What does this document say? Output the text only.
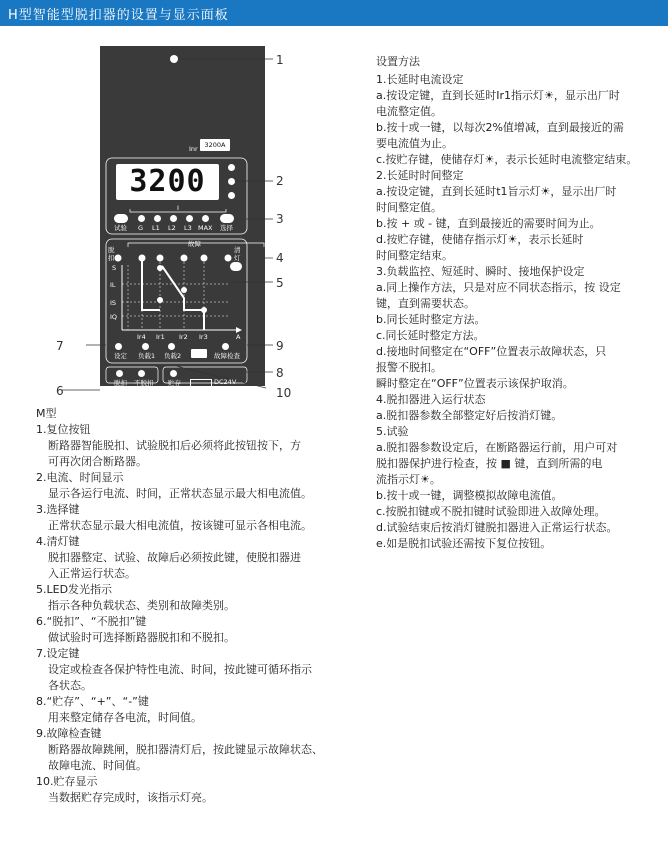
H型智能型脱扣器的设置与显示面板
Inr	3200A
3200
I
试验 G L1 L2 L3 MAX 选择
故障
脱扣
清灯
S
IL
IS
IQ
Ir4 Ir1 Ir2 Ir3	A
设定 负载1 负载2	故障检查
脱扣 不脱扣
试验
贮存	DC24V
调整
1
2
3
4
5
7	9
8
6	10
M型
1.复位按钮
断路器智能脱扣、试验脱扣后必须将此按钮按下，方
可再次闭合断路器。
2.电流、时间显示
显示各运行电流、时间，正常状态显示最大相电流值。
3.选择键
正常状态显示最大相电流值，按该键可显示各相电流。
4.清灯键
脱扣器整定、试验、故障后必须按此键，使脱扣器进
入正常运行状态。
5.LED发光指示
指示各种负载状态、类别和故障类别。
6.“脱扣”、“不脱扣”键
做试验时可选择断路器脱扣和不脱扣。
7.设定键
设定或检查各保护特性电流、时间，按此键可循环指示
各状态。
8.“贮存”、“+”、“-”键
用来整定储存各电流，时间值。
9.故障检查键
断路器故障跳闸，脱扣器清灯后，按此键显示故障状态、
故障电流、时间值。
10.贮存显示
当数据贮存完成时，该指示灯亮。
设置方法
1.长延时电流设定
a.按设定键，直到长延时Ir1指示灯☀，显示出厂时
电流整定值。
b.按十或一键，以每次2%值增减，直到最接近的需
要电流值为止。
c.按贮存键，使储存灯☀，表示长延时电流整定结束。
2.长延时时间整定
a.按设定键，直到长延时t1旨示灯☀，显示出厂时
时间整定值。
b.按 + 或 - 键，直到最接近的需要时间为止。
d.按贮存键，使储存指示灯☀，表示长延时
时间整定结束。
3.负载监控、短延时、瞬时、接地保护设定
a.同上操作方法，只是对应不同状态指示，按 设定
键，直到需要状态。
b.同长延时整定方法。
c.同长延时整定方法。
d.接地时间整定在“OFF”位置表示故障状态，只
报警不脱扣。
瞬时整定在“OFF”位置表示该保护取消。
4.脱扣器进入运行状态
a.脱扣器参数全部整定好后按消灯键。
5.试验
a.脱扣器参数设定后，在断路器运行前，用户可对
脱扣器保护进行检查，按 ■ 键，直到所需的电
流指示灯☀。
b.按十或一键，调整模拟故障电流值。
c.按脱扣键或不脱扣键时试验即进入故障处理。
d.试验结束后按消灯键脱扣器进入正常运行状态。
e.如是脱扣试验还需按下复位按钮。
